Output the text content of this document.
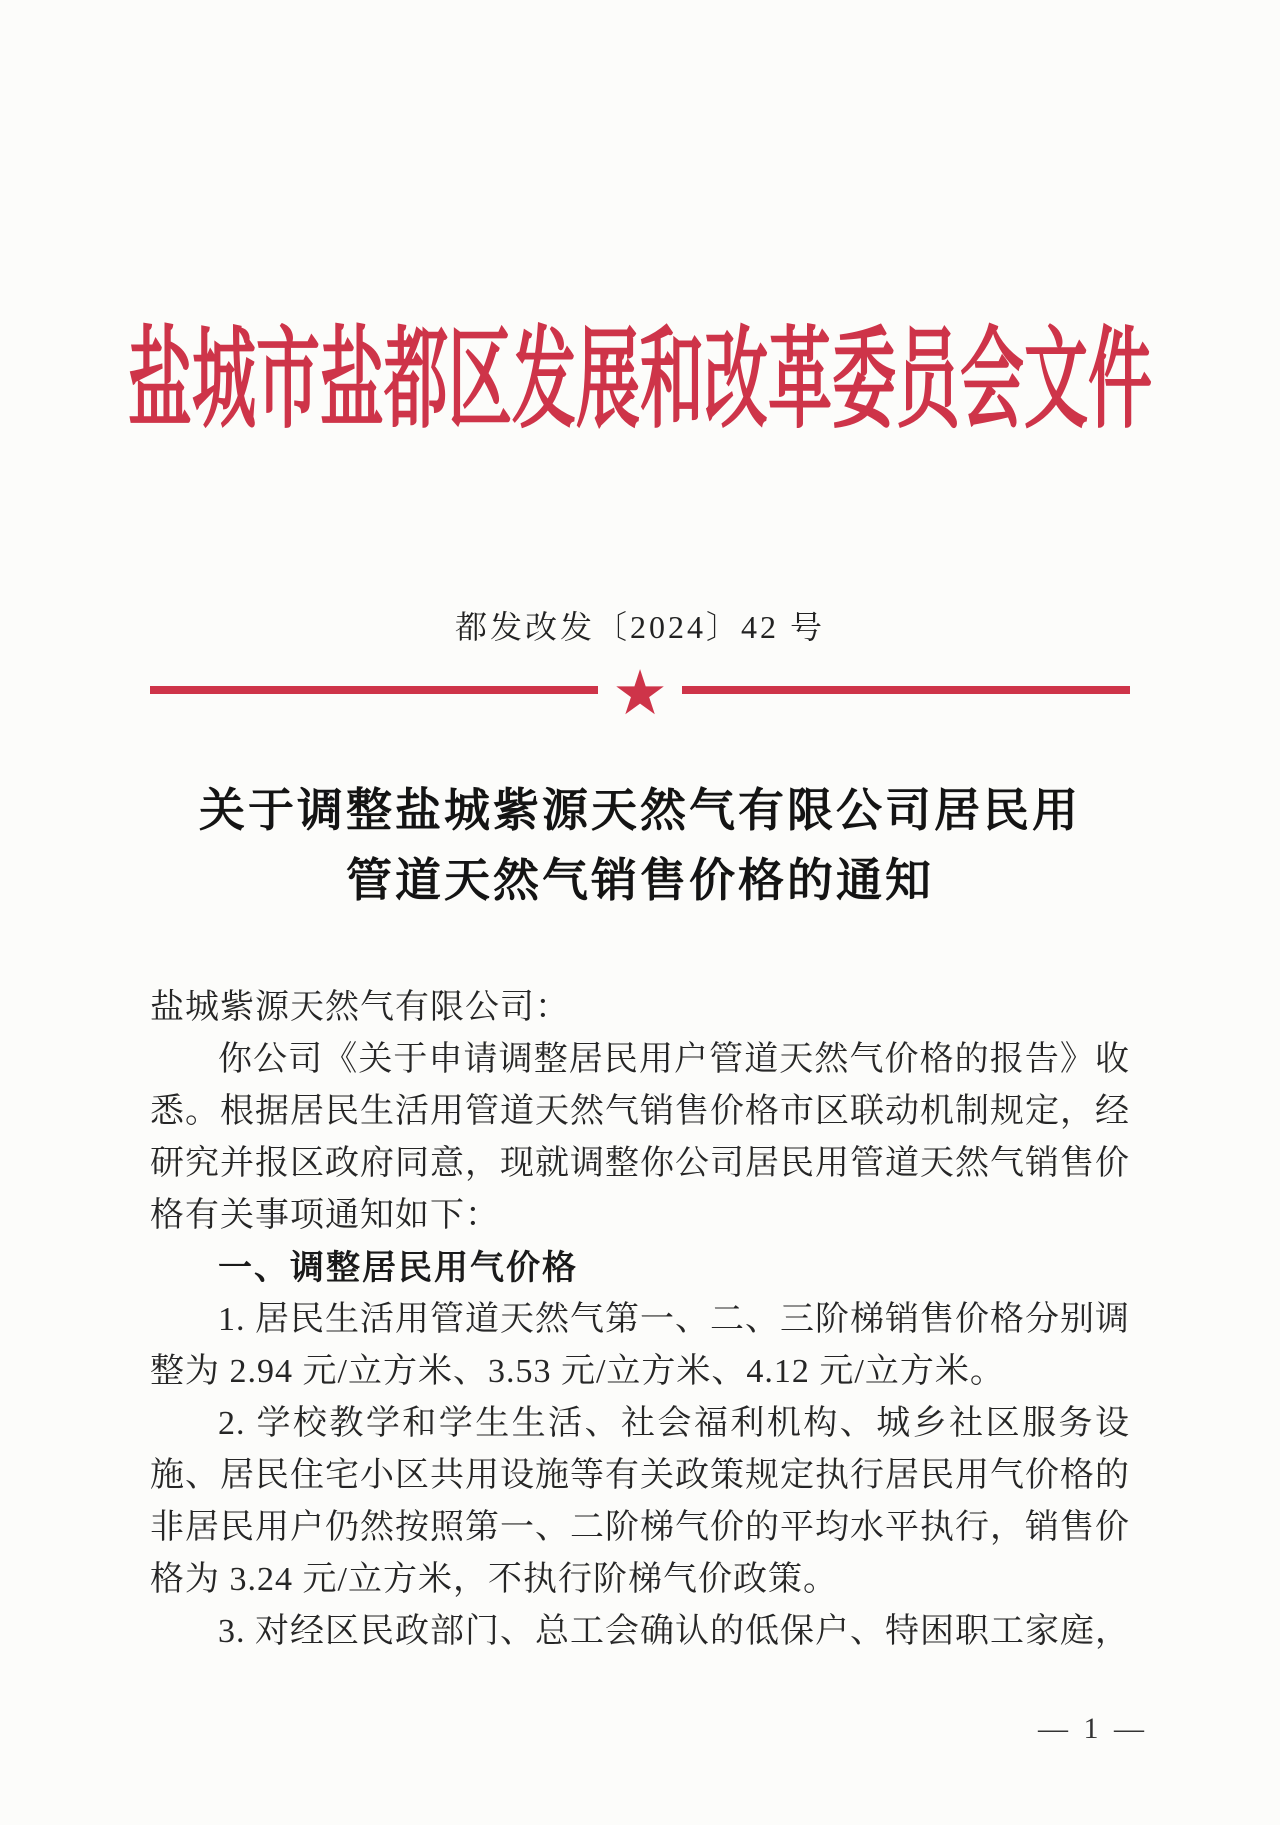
盐城市盐都区发展和改革委员会文件
都发改发〔2024〕42 号
★
关于调整盐城紫源天然气有限公司居民用
管道天然气销售价格的通知

盐城紫源天然气有限公司：

你公司《关于申请调整居民用户管道天然气价格的报告》收悉。根据居民生活用管道天然气销售价格市区联动机制规定，经研究并报区政府同意，现就调整你公司居民用管道天然气销售价格有关事项通知如下：

一、调整居民用气价格

1. 居民生活用管道天然气第一、二、三阶梯销售价格分别调整为 2.94 元/立方米、3.53 元/立方米、4.12 元/立方米。

2. 学校教学和学生生活、社会福利机构、城乡社区服务设施、居民住宅小区共用设施等有关政策规定执行居民用气价格的非居民用户仍然按照第一、二阶梯气价的平均水平执行，销售价格为 3.24 元/立方米，不执行阶梯气价政策。

3. 对经区民政部门、总工会确认的低保户、特困职工家庭，

— 1 —
